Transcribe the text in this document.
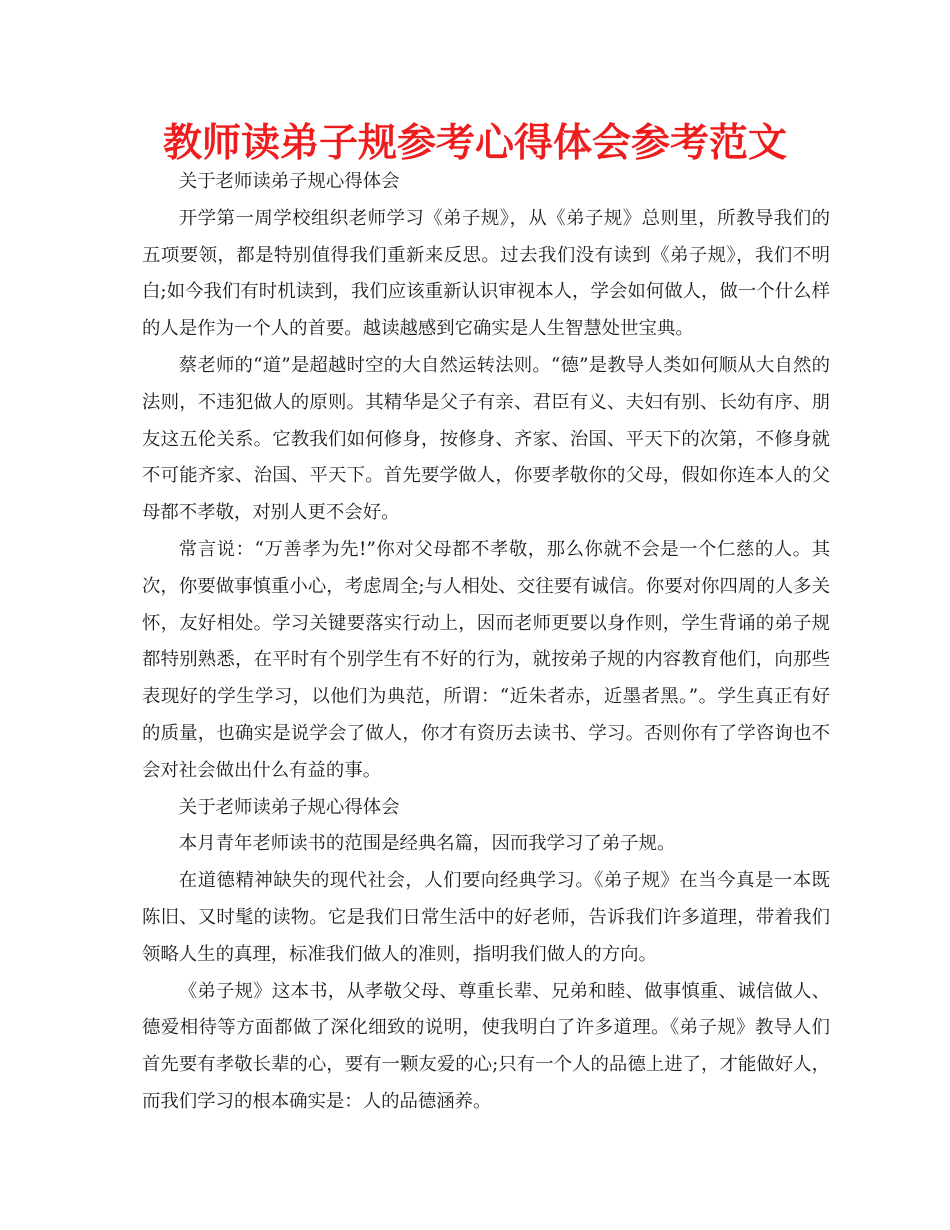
教师读弟子规参考心得体会参考范文

关于老师读弟子规心得体会

开学第一周学校组织老师学习《弟子规》，从《弟子规》总则里，所教导我们的五项要领，都是特别值得我们重新来反思。过去我们没有读到《弟子规》，我们不明白;如今我们有时机读到，我们应该重新认识审视本人，学会如何做人，做一个什么样的人是作为一个人的首要。越读越感到它确实是人生智慧处世宝典。

蔡老师的“道”是超越时空的大自然运转法则。“德”是教导人类如何顺从大自然的法则，不违犯做人的原则。其精华是父子有亲、君臣有义、夫妇有别、长幼有序、朋友这五伦关系。它教我们如何修身，按修身、齐家、治国、平天下的次第，不修身就不可能齐家、治国、平天下。首先要学做人，你要孝敬你的父母，假如你连本人的父母都不孝敬，对别人更不会好。

常言说：“万善孝为先!”你对父母都不孝敬，那么你就不会是一个仁慈的人。其次，你要做事慎重小心，考虑周全;与人相处、交往要有诚信。你要对你四周的人多关怀，友好相处。学习关键要落实行动上，因而老师更要以身作则，学生背诵的弟子规都特别熟悉，在平时有个别学生有不好的行为，就按弟子规的内容教育他们，向那些表现好的学生学习，以他们为典范，所谓：“近朱者赤，近墨者黑。”。学生真正有好的质量，也确实是说学会了做人，你才有资历去读书、学习。否则你有了学咨询也不会对社会做出什么有益的事。

关于老师读弟子规心得体会

本月青年老师读书的范围是经典名篇，因而我学习了弟子规。

在道德精神缺失的现代社会，人们要向经典学习。《弟子规》在当今真是一本既陈旧、又时髦的读物。它是我们日常生活中的好老师，告诉我们许多道理，带着我们领略人生的真理，标准我们做人的准则，指明我们做人的方向。

《弟子规》这本书，从孝敬父母、尊重长辈、兄弟和睦、做事慎重、诚信做人、德爱相待等方面都做了深化细致的说明，使我明白了许多道理。《弟子规》教导人们首先要有孝敬长辈的心，要有一颗友爱的心;只有一个人的品德上进了，才能做好人，而我们学习的根本确实是：人的品德涵养。
